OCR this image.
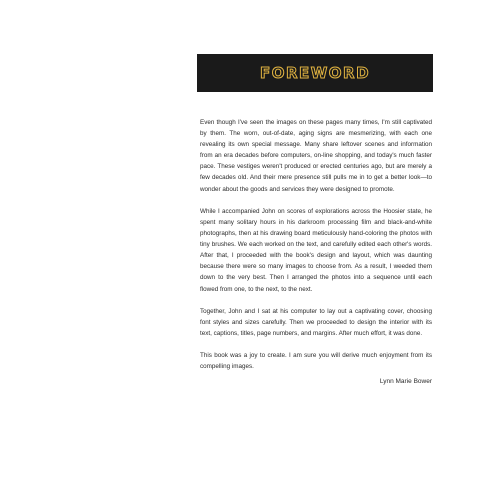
FOREWORD

Even though I've seen the images on these pages many times, I'm still captivated by them. The worn, out-of-date, aging signs are mesmerizing, with each one revealing its own special message. Many share leftover scenes and information from an era decades before computers, on-line shopping, and today's much faster pace. These vestiges weren't produced or erected centuries ago, but are merely a few decades old. And their mere presence still pulls me in to get a better look—to wonder about the goods and services they were designed to promote.

While I accompanied John on scores of explorations across the Hoosier state, he spent many solitary hours in his darkroom processing film and black-and-white photographs, then at his drawing board meticulously hand-coloring the photos with tiny brushes. We each worked on the text, and carefully edited each other's words. After that, I proceeded with the book's design and layout, which was daunting because there were so many images to choose from. As a result, I weeded them down to the very best. Then I arranged the photos into a sequence until each flowed from one, to the next, to the next.

Together, John and I sat at his computer to lay out a captivating cover, choosing font styles and sizes carefully. Then we proceeded to design the interior with its text, captions, titles, page numbers, and margins. After much effort, it was done.

This book was a joy to create. I am sure you will derive much enjoyment from its compelling images.

Lynn Marie Bower
